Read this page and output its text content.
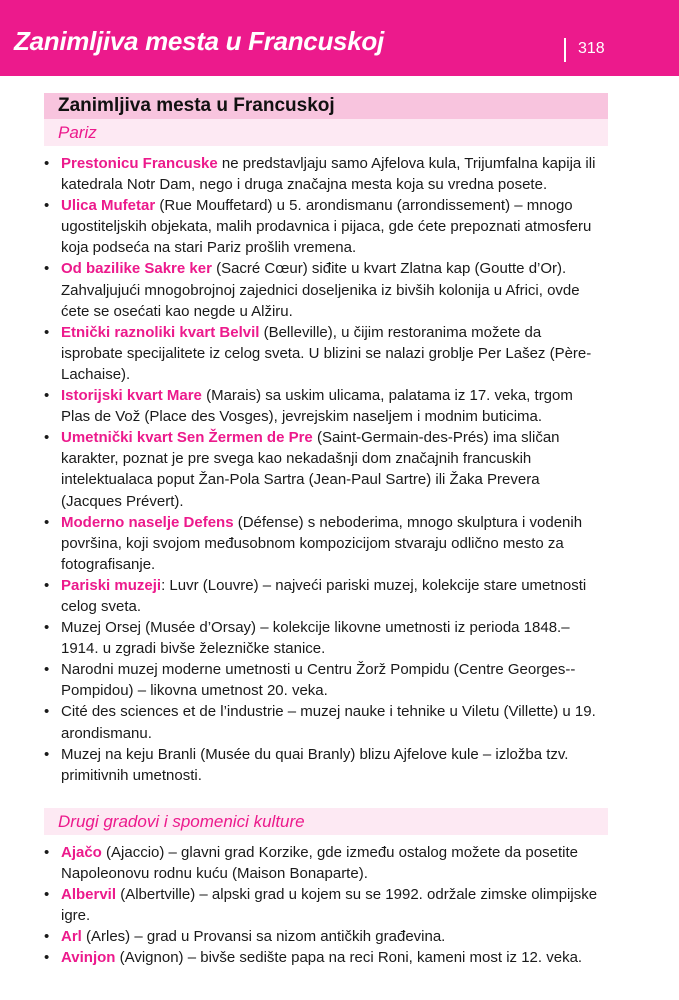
Zanimljiva mesta u Francuskoj	318
Zanimljiva mesta u Francuskoj
Pariz
• Prestonicu Francuske ne predstavljaju samo Ajfelova kula, Trijumfalna kapija ili katedrala Notr Dam, nego i druga značajna mesta koja su vredna posete.
• Ulica Mufetar (Rue Mouffetard) u 5. arondismanu (arrondissement) – mnogo ugostiteljskih objekata, malih prodavnica i pijaca, gde ćete prepoznati atmosferu koja podseća na stari Pariz prošlih vremena.
• Od bazilike Sakre ker (Sacré Cœur) siđite u kvart Zlatna kap (Goutte d’Or). Zahvaljujući mnogobrojnoj zajednici doseljenika iz bivših kolonija u Africi, ovde ćete se osećati kao negde u Alžiru.
• Etnički raznoliki kvart Belvil (Belleville), u čijim restoranima možete da isprobate specijalitete iz celog sveta. U blizini se nalazi groblje Per Lašez (Père-Lachaise).
• Istorijski kvart Mare (Marais) sa uskim ulicama, palatama iz 17. veka, trgom Plas de Vož (Place des Vosges), jevrejskim naseljem i modnim buticima.
• Umetnički kvart Sen Žermen de Pre (Saint-Germain-des-Prés) ima sličan karakter, poznat je pre svega kao nekadašnji dom značajnih francuskih intelektualaca poput Žan-Pola Sartra (Jean-Paul Sartre) ili Žaka Prevera (Jacques Prévert).
• Moderno naselje Defens (Défense) s neboderima, mnogo skulptura i vodenih površina, koji svojom međusobnom kompozicijom stvaraju odlično mesto za fotografisanje.
• Pariski muzeji: Luvr (Louvre) – najveći pariski muzej, kolekcije stare umetnosti celog sveta.
• Muzej Orsej (Musée d’Orsay) – kolekcije likovne umetnosti iz perioda 1848.–1914. u zgradi bivše železničke stanice.
• Narodni muzej moderne umetnosti u Centru Žorž Pompidu (Centre Georges--Pompidou) – likovna umetnost 20. veka.
• Cité des sciences et de l’industrie – muzej nauke i tehnike u Viletu (Villette) u 19. arondismanu.
• Muzej na keju Branli (Musée du quai Branly) blizu Ajfelove kule – izložba tzv. primitivnih umetnosti.
Drugi gradovi i spomenici kulture
• Ajačo (Ajaccio) – glavni grad Korzike, gde između ostalog možete da posetite Napoleonovu rodnu kuću (Maison Bonaparte).
• Albervil (Albertville) – alpski grad u kojem su se 1992. održale zimske olimpijske igre.
• Arl (Arles) – grad u Provansi sa nizom antičkih građevina.
• Avinjon (Avignon) – bivše sedište papa na reci Roni, kameni most iz 12. veka.
